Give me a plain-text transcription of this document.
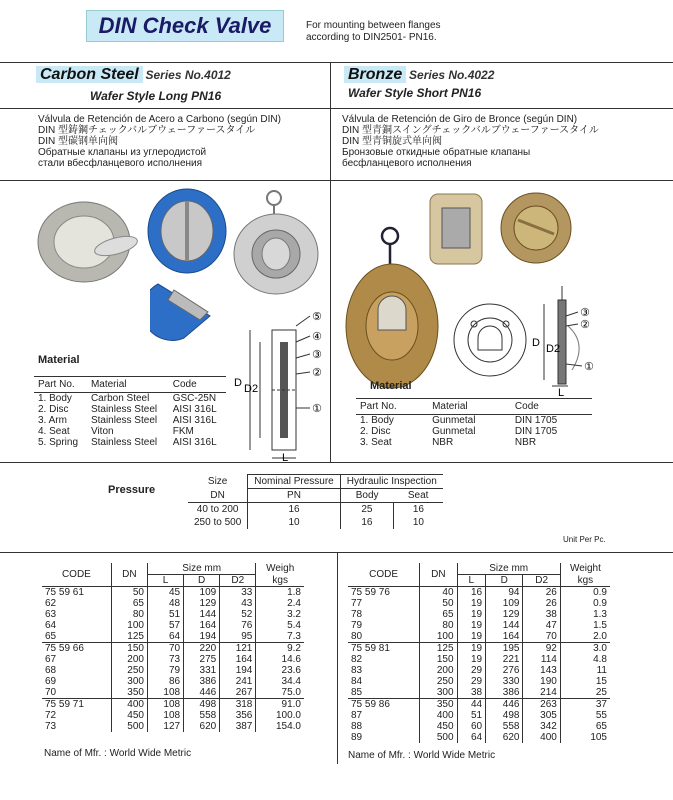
DIN Check Valve	For mounting between flanges
according to DIN2501- PN16.
Carbon Steel Series No.4012
Wafer Style Long PN16
Válvula de Retención de Acero a Carbono (según DIN)
DIN 型鋳鋼チェックバルブウェーファースタイル
DIN 型碳钢单向阀
Обратные клапаны из углеродистой
стали вбесфланцевого исполнения
Bronze Series No.4022
Wafer Style Short PN16
Válvula de Retención de Giro de Bronce (según DIN)
DIN 型青銅スイングチェックバルブウェーファースタイル
DIN 型青铜旋式单向阀
Бронзовые откидные обратные клапаны
бесфланцевого исполнения
D D2
L
⑤
④
③
②
①
Material
Part No.	Material	Code
1. Body	Carbon Steel	GSC-25N
2. Disc	Stainless Steel	AISI 316L
3. Arm	Stainless Steel	AISI 316L
4. Seat	Viton	FKM
5. Spring	Stainless Steel	AISI 316L
D D2
L
③
②
①
Material
Part No.	Material	Code
1. Body	Gunmetal	DIN 1705
2. Disc	Gunmetal	DIN 1705
3. Seat	NBR	NBR
Pressure
Size	Nominal Pressure	Hydraulic Inspection	
DN	PN	Body	Seat
40 to 200	16	25	16
250 to 500	10	16	10
Unit Per Pc.
CODE	DN	Size mm			Weigh
		L	D	D2	kgs
75 59 61	50	45	109	33	1.8
62	65	48	129	43	2.4
63	80	51	144	52	3.2
64	100	57	164	76	5.4
65	125	64	194	95	7.3
75 59 66	150	70	220	121	9.2
67	200	73	275	164	14.6
68	250	79	331	194	23.6
69	300	86	386	241	34.4
70	350	108	446	267	75.0
75 59 71	400	108	498	318	91.0
72	450	108	558	356	100.0
73	500	127	620	387	154.0
CODE	DN	Size mm			Weight
		L	D	D2	kgs
75 59 76	40	16	94	26	0.9
77	50	19	109	26	0.9
78	65	19	129	38	1.3
79	80	19	144	47	1.5
80	100	19	164	70	2.0
75 59 81	125	19	195	92	3.0
82	150	19	221	114	4.8
83	200	29	276	143	11
84	250	29	330	190	15
85	300	38	386	214	25
75 59 86	350	44	446	263	37
87	400	51	498	305	55
88	450	60	558	342	65
89	500	64	620	400	105
Name of Mfr. : World Wide Metric	Name of Mfr. : World Wide Metric
